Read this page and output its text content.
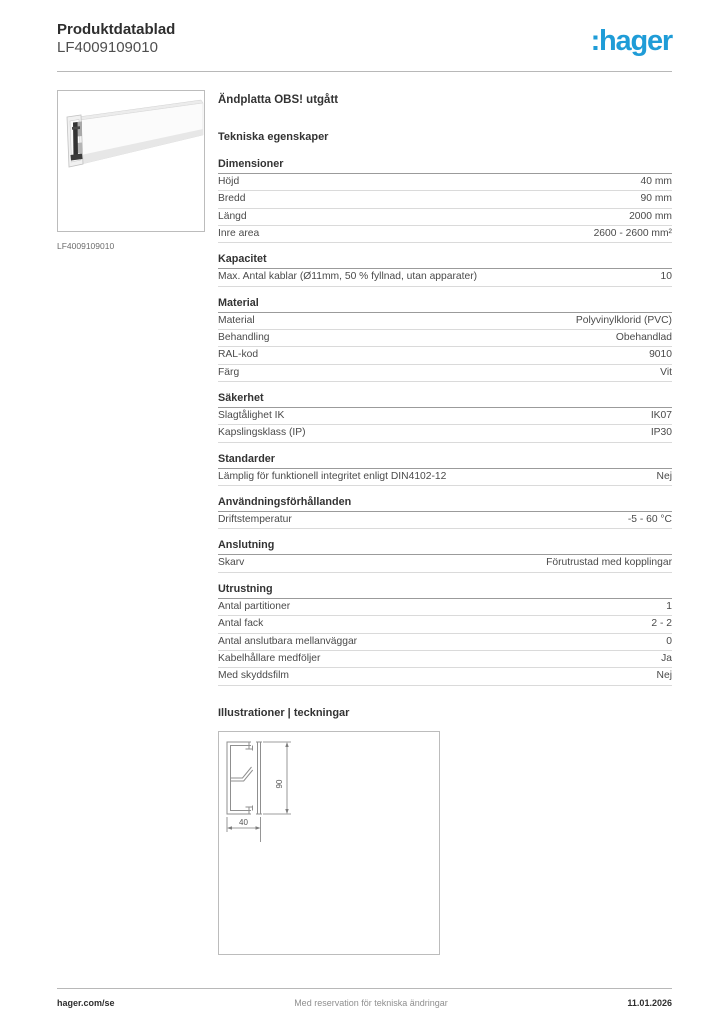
Produktdatablad
LF4009109010	:hager
LF4009109010
Ändplatta OBS! utgått
Tekniska egenskaper
Dimensioner
Höjd	40 mm
Bredd	90 mm
Längd	2000 mm
Inre area	2600 - 2600 mm²
Kapacitet
Max. Antal kablar (Ø11mm, 50 % fyllnad, utan apparater)	10
Material
Material	Polyvinylklorid (PVC)
Behandling	Obehandlad
RAL-kod	9010
Färg	Vit
Säkerhet
Slagtålighet IK	IK07
Kapslingsklass (IP)	IP30
Standarder
Lämplig för funktionell integritet enligt DIN4102-12	Nej
Användningsförhållanden
Driftstemperatur	-5 - 60 °C
Anslutning
Skarv	Förutrustad med kopplingar
Utrustning
Antal partitioner	1
Antal fack	2 - 2
Antal anslutbara mellanväggar	0
Kabelhållare medföljer	Ja
Med skyddsfilm	Nej
Illustrationer | teckningar
90
40
hager.com/se	Med reservation för tekniska ändringar	11.01.2026
